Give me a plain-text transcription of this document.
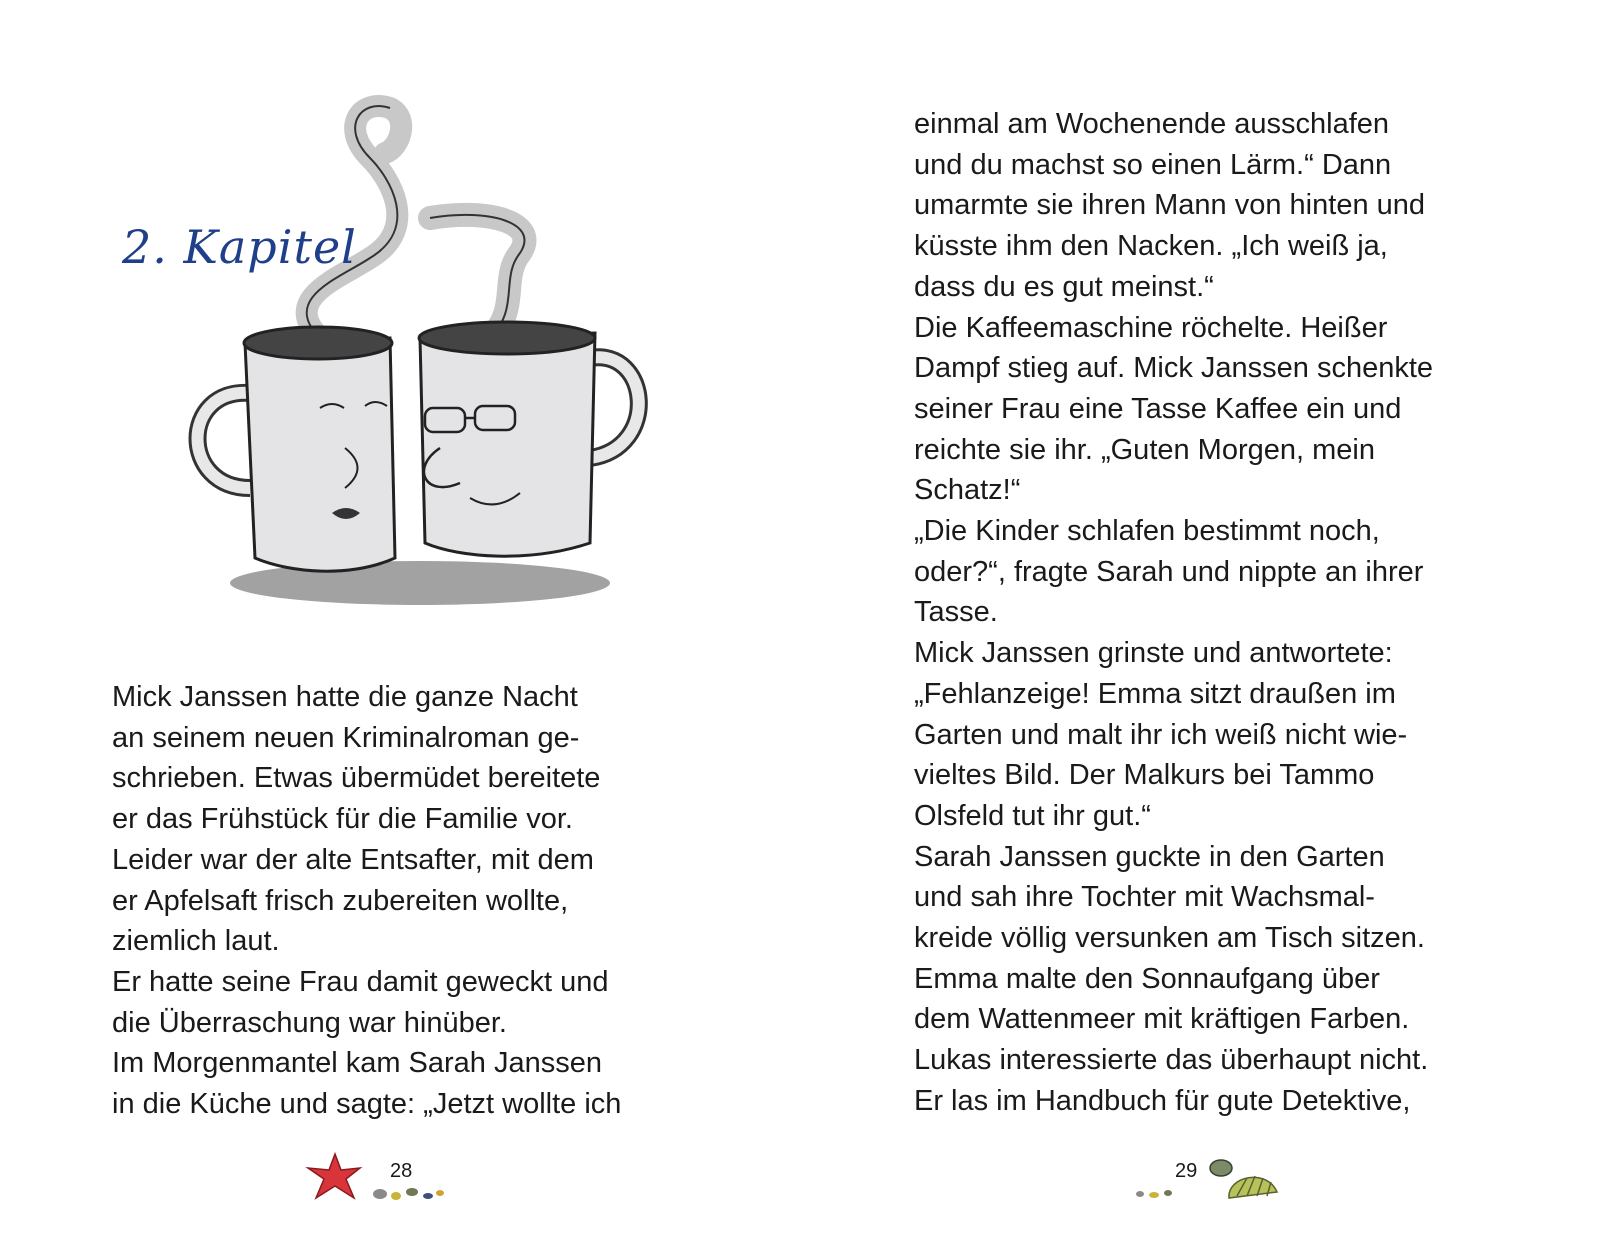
2. Kapitel
Mick Janssen hatte die ganze Nacht
an seinem neuen Kriminalroman ge-
schrieben. Etwas übermüdet bereitete
er das Frühstück für die Familie vor.
Leider war der alte Entsafter, mit dem
er Apfelsaft frisch zubereiten wollte,
ziemlich laut.
Er hatte seine Frau damit geweckt und
die Überraschung war hinüber.
Im Morgenmantel kam Sarah Janssen
in die Küche und sagte: „Jetzt wollte ich
28
einmal am Wochenende ausschlafen
und du machst so einen Lärm.“ Dann
umarmte sie ihren Mann von hinten und
küsste ihm den Nacken. „Ich weiß ja,
dass du es gut meinst.“
Die Kaffeemaschine röchelte. Heißer
Dampf stieg auf. Mick Janssen schenkte
seiner Frau eine Tasse Kaffee ein und
reichte sie ihr. „Guten Morgen, mein
Schatz!“
„Die Kinder schlafen bestimmt noch,
oder?“, fragte Sarah und nippte an ihrer
Tasse.
Mick Janssen grinste und antwortete:
„Fehlanzeige! Emma sitzt draußen im
Garten und malt ihr ich weiß nicht wie-
vieltes Bild. Der Malkurs bei Tammo
Olsfeld tut ihr gut.“
Sarah Janssen guckte in den Garten
und sah ihre Tochter mit Wachsmal-
kreide völlig versunken am Tisch sitzen.
Emma malte den Sonnaufgang über
dem Wattenmeer mit kräftigen Farben.
Lukas interessierte das überhaupt nicht.
Er las im Handbuch für gute Detektive,
29
